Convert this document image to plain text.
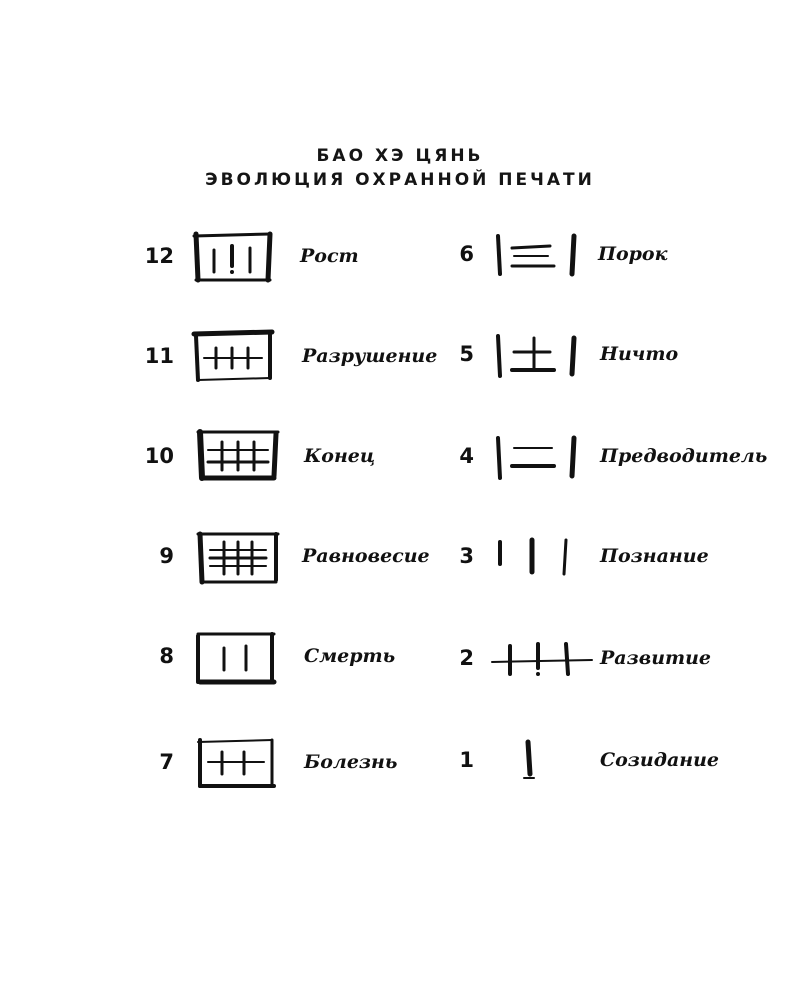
БАО ХЭ ЦЯНЬ
ЭВОЛЮЦИЯ ОХРАННОЙ ПЕЧАТИ
12	Рост
11	Разрушение
10	Конец
9	Равновесие
8	Смерть
7	Болезнь
6	Порок
5	Ничто
4	Предводитель
3	Познание
2	Развитие
1	Созидание
